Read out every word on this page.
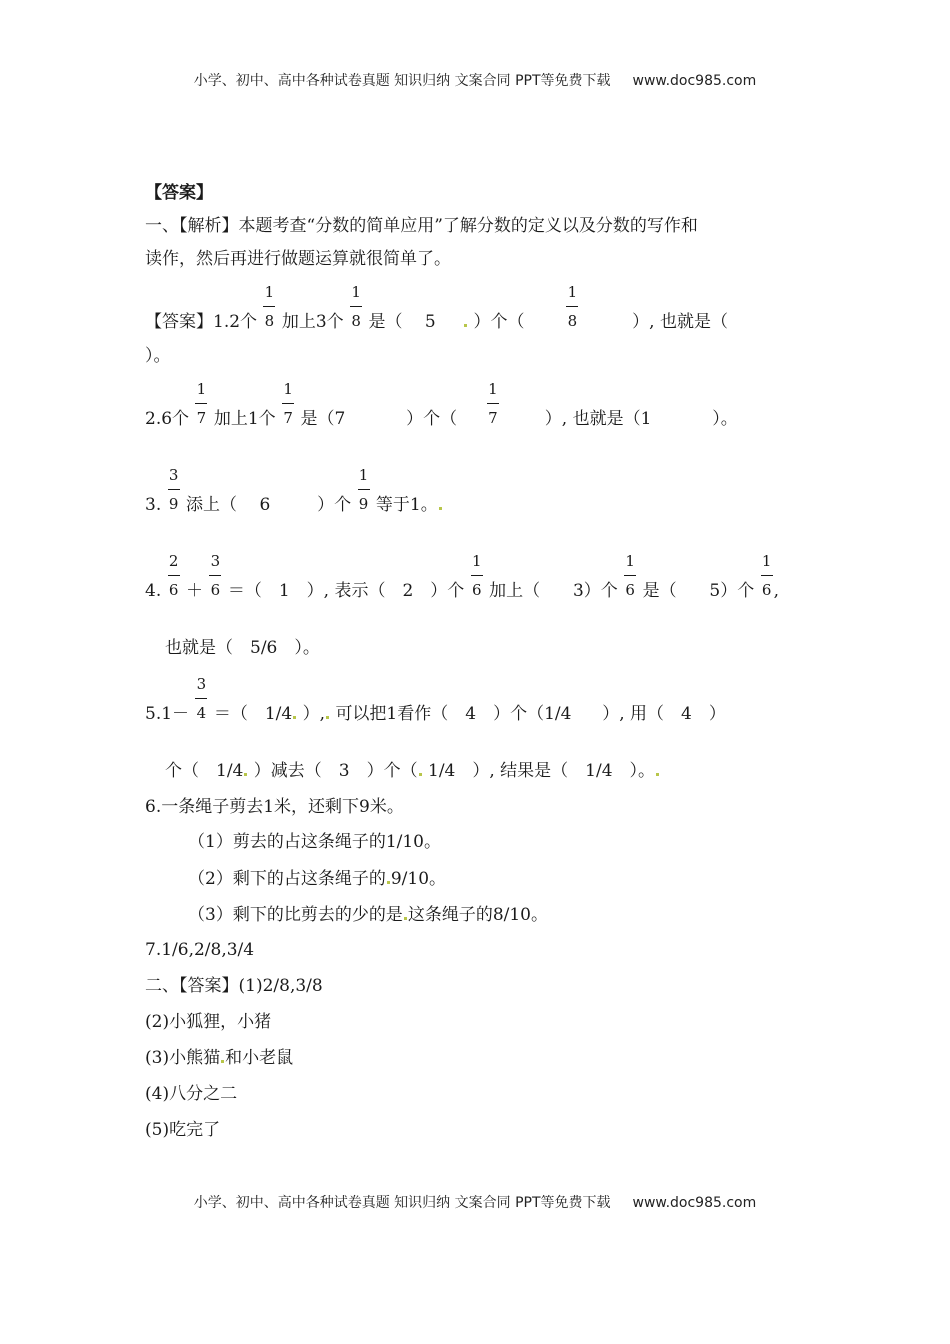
小学、初中、高中各种试卷真题 知识归纳 文案合同 PPT等免费下载 www.doc985.com
【答案】
一、【解析】本题考查“分数的简单应用”了解分数的定义以及分数的写作和
读作，然后再进行做题运算就很简单了。
【答案】1.2个 $\frac{1}{8}$ 加上3个 $\frac{1}{8}$ 是（　 5 ）个（	$\frac{1}{8}$	）, 也就是（
）。
2.6个 $\frac{1}{7}$ 加上1个 $\frac{1}{7}$ 是（7	）个（ $\frac{1}{7}$	）, 也就是（1	）。
3. $\frac{3}{9}$ 添上（　 6	）个 $\frac{1}{9}$ 等于1。
4. $\frac{2}{6} + \frac{3}{6}$ ＝（　1　）, 表示（　2　）个 $\frac{1}{6}$ 加上（ 3）个 $\frac{1}{6}$ 是（ 5）个 $\frac{1}{6}$ ,
也就是（　5/6　）。
$5.1- \frac{3}{4}$ ＝（　1/4 ）, 可以把1看作（　4　）个（1/4 ）, 用（　4　）
个（　1/4 ）减去（　3　）个（ 1/4　）, 结果是（　1/4　）。
6.一条绳子剪去1米，还剩下9米。
（1）剪去的占这条绳子的1/10。
（2）剩下的占这条绳子的 9/10。
（3）剩下的比剪去的少的是 这条绳子的8/10。
7.1/6,2/8,3/4
二、【答案】(1)2/8,3/8
(2)小狐狸，小猪
(3)小熊猫 和小老鼠
(4)八分之二
(5)吃完了
小学、初中、高中各种试卷真题 知识归纳 文案合同 PPT等免费下载 www.doc985.com
